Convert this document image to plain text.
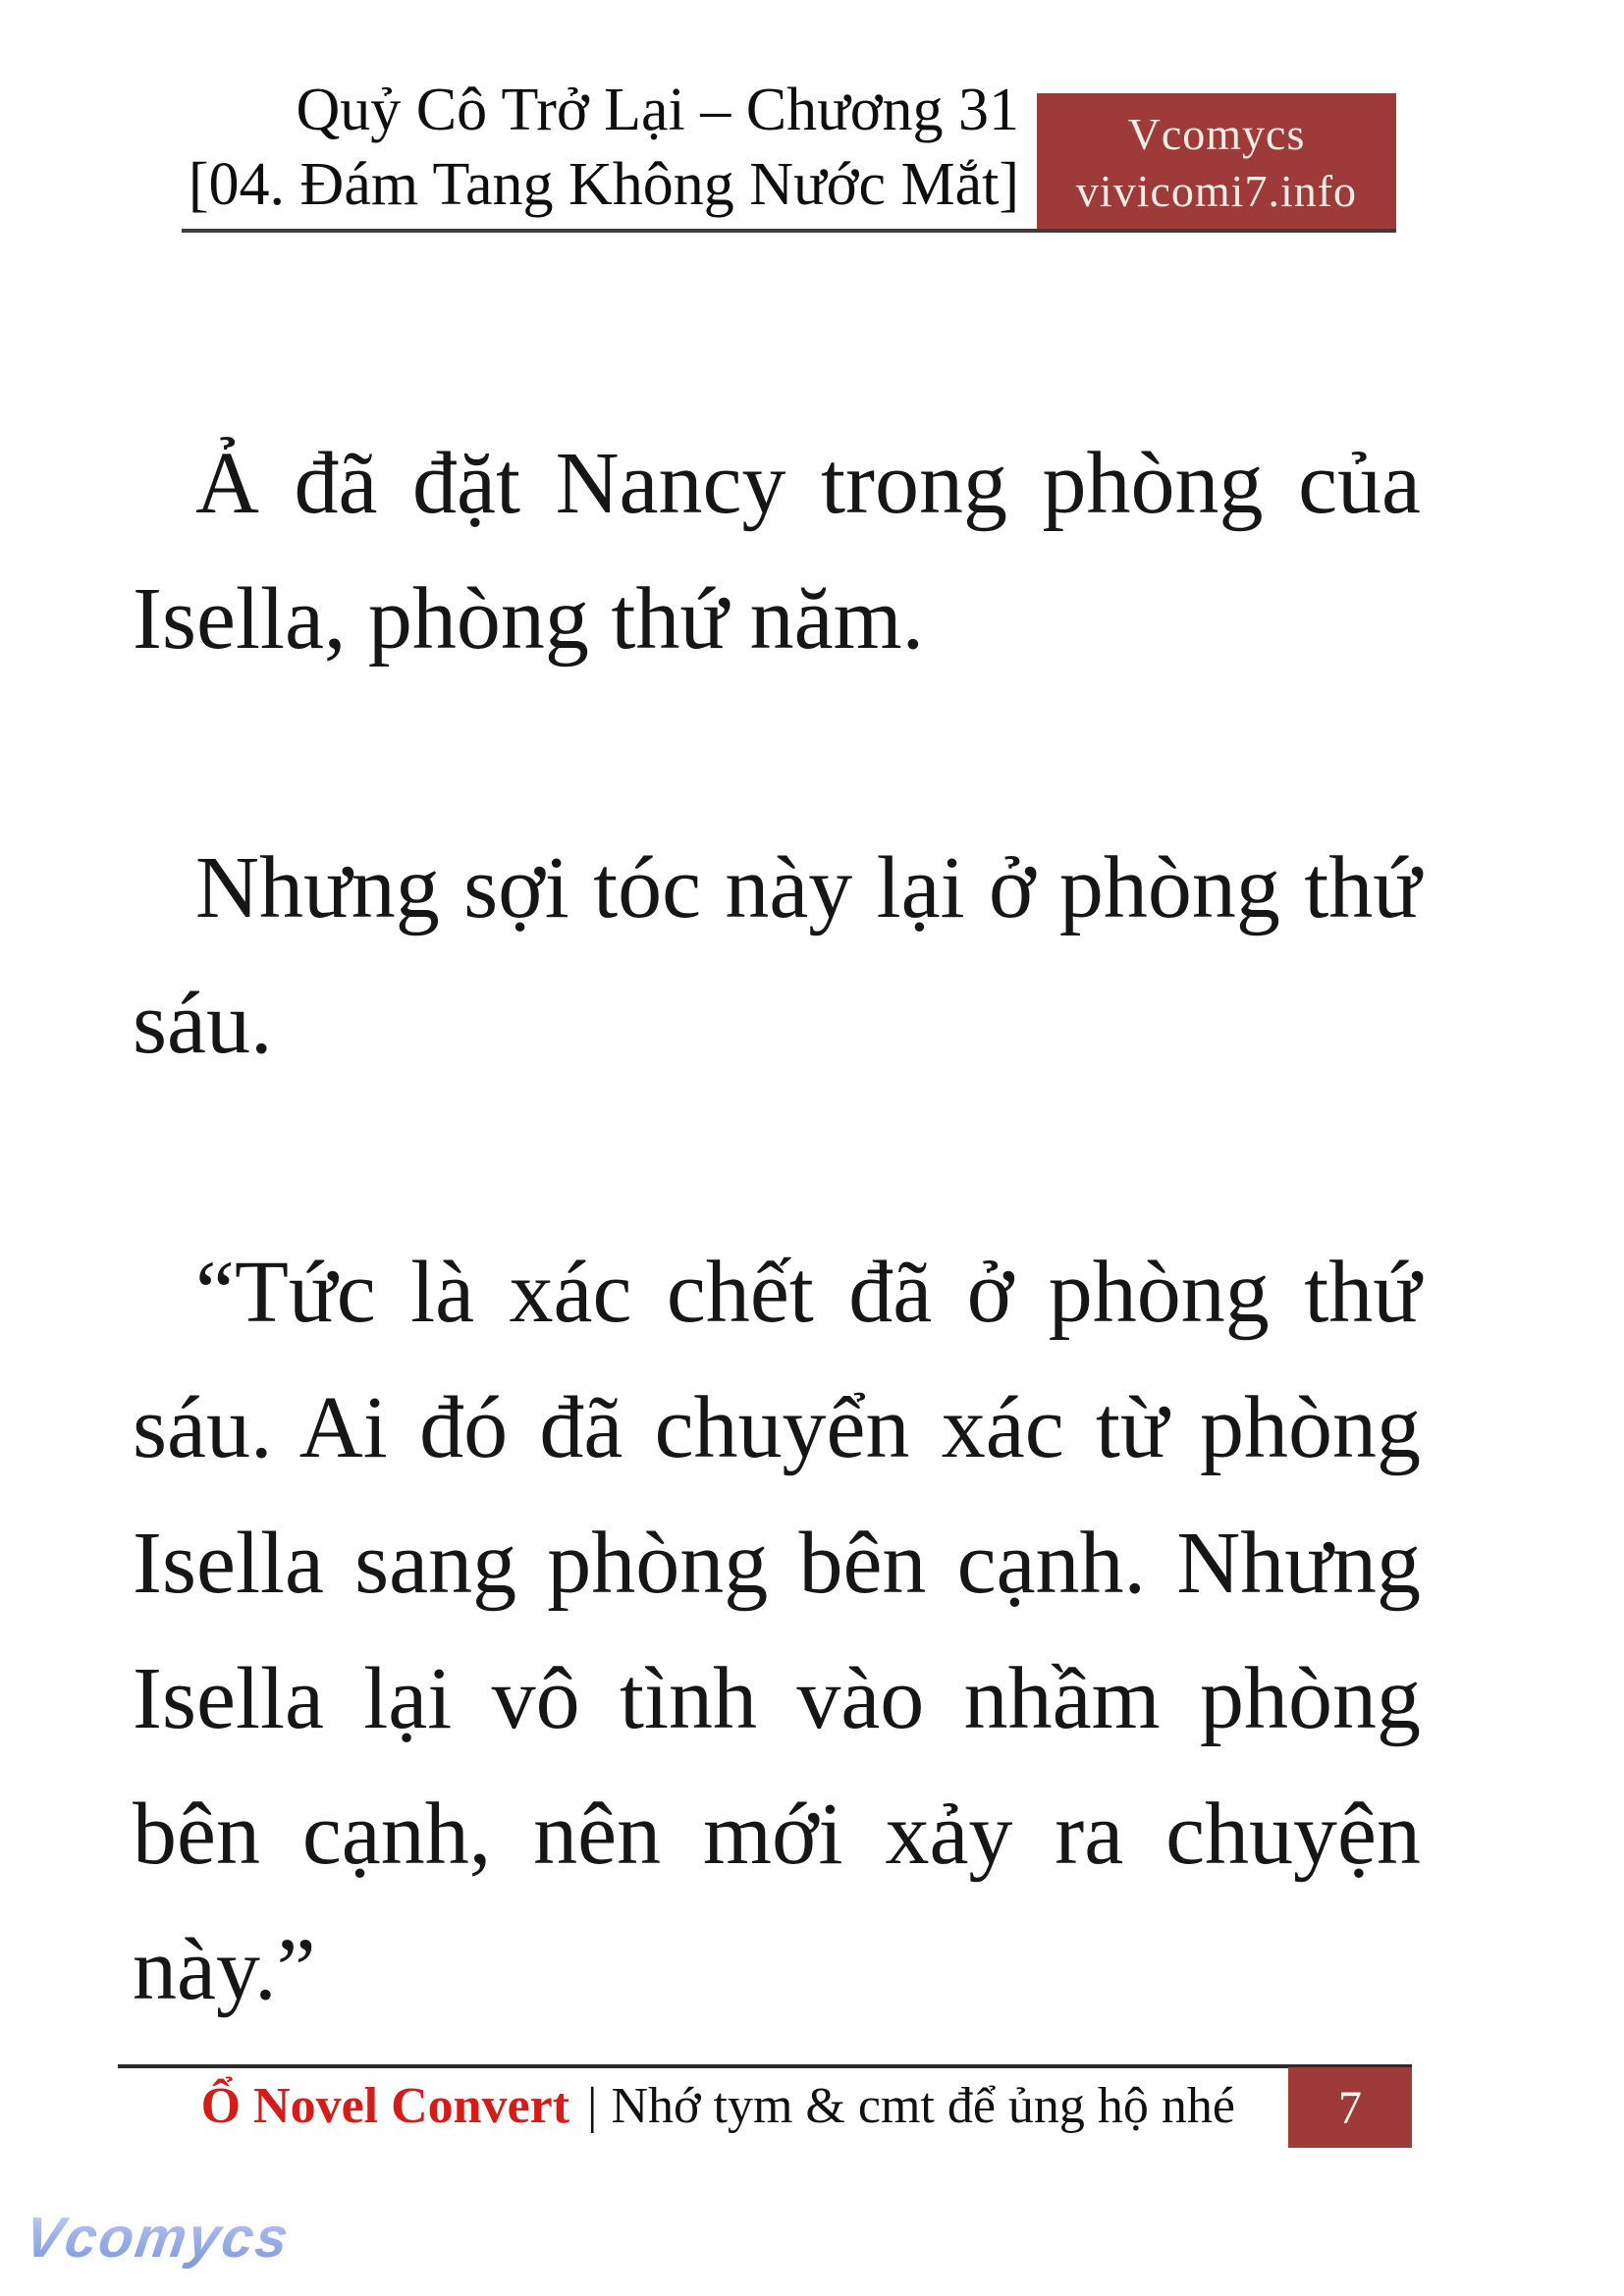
Quỷ Cô Trở Lại – Chương 31
[04. Đám Tang Không Nước Mắt]
Vcomycs
vivicomi7.info
Ả đã đặt Nancy trong phòng của
Isella, phòng thứ năm.
Nhưng sợi tóc này lại ở phòng thứ
sáu.
“Tức là xác chết đã ở phòng thứ
sáu. Ai đó đã chuyển xác từ phòng
Isella sang phòng bên cạnh. Nhưng
Isella lại vô tình vào nhầm phòng
bên cạnh, nên mới xảy ra chuyện
này.”
Ổ Novel Convert | Nhớ tym & cmt để ủng hộ nhé 7
Vcomycs
